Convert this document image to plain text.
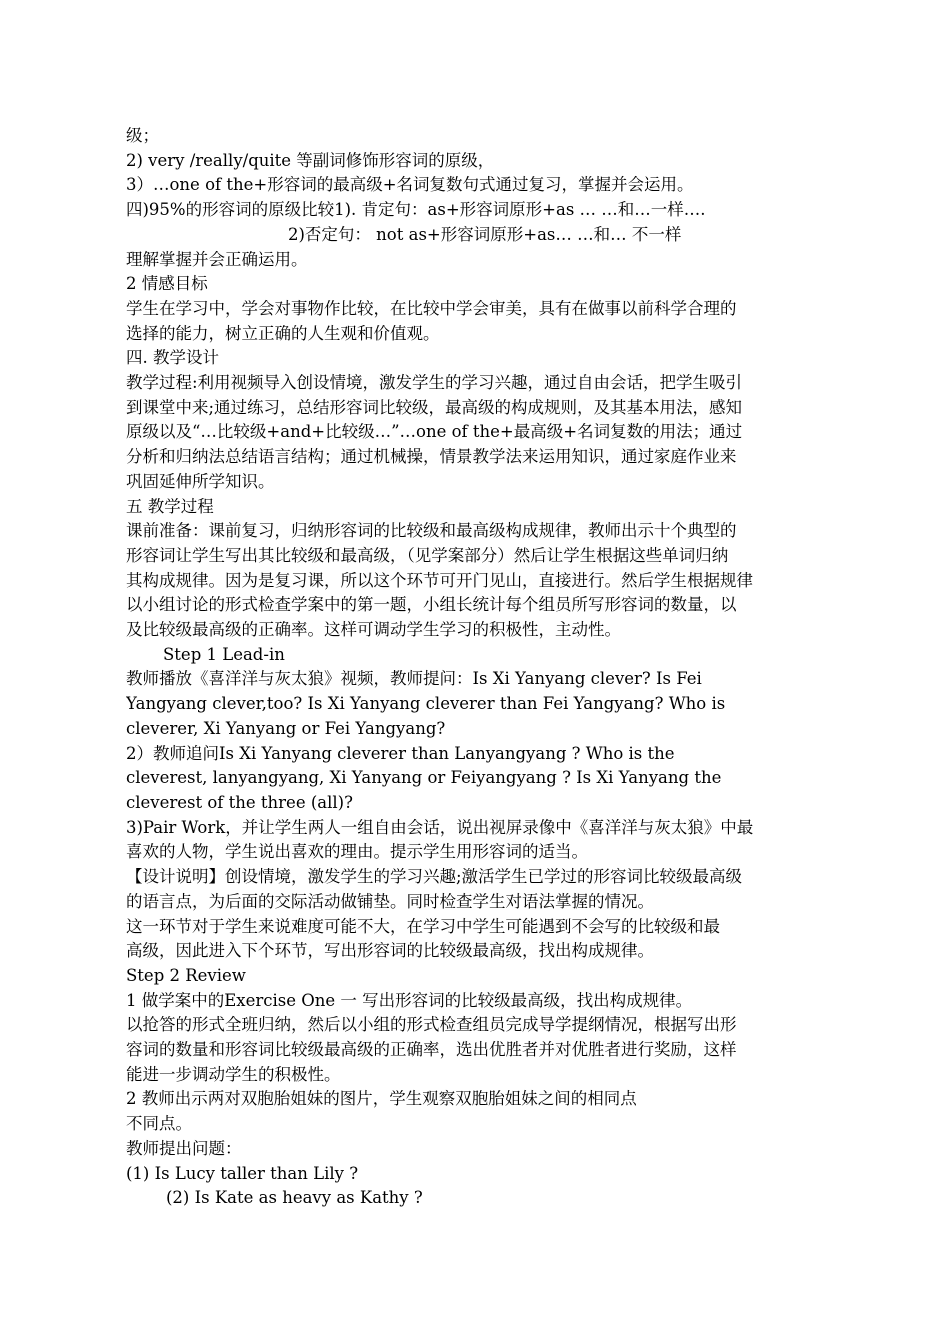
级；
2) very /really/quite 等副词修饰形容词的原级，
3）…one of the+形容词的最高级+名词复数句式通过复习，掌握并会运用。
四)95%的形容词的原级比较1). 肯定句：as+形容词原形+as … …和…一样….
2)否定句： not as+形容词原形+as… …和… 不一样
理解掌握并会正确运用。
2 情感目标
学生在学习中，学会对事物作比较，在比较中学会审美，具有在做事以前科学合理的
选择的能力，树立正确的人生观和价值观。
四. 教学设计
教学过程:利用视频导入创设情境，激发学生的学习兴趣，通过自由会话，把学生吸引
到课堂中来;通过练习，总结形容词比较级，最高级的构成规则，及其基本用法，感知
原级以及“…比较级+and+比较级…”…one of the+最高级+名词复数的用法；通过
分析和归纳法总结语言结构；通过机械操，情景教学法来运用知识，通过家庭作业来
巩固延伸所学知识。
五 教学过程
课前准备：课前复习，归纳形容词的比较级和最高级构成规律，教师出示十个典型的
形容词让学生写出其比较级和最高级，（见学案部分）然后让学生根据这些单词归纳
其构成规律。因为是复习课，所以这个环节可开门见山，直接进行。然后学生根据规律
以小组讨论的形式检查学案中的第一题，小组长统计每个组员所写形容词的数量，以
及比较级最高级的正确率。这样可调动学生学习的积极性，主动性。
Step 1 Lead-in
教师播放《喜洋洋与灰太狼》视频，教师提问：Is Xi Yanyang clever? Is Fei
Yangyang clever,too? Is Xi Yanyang cleverer than Fei Yangyang? Who is
cleverer, Xi Yanyang or Fei Yangyang?
2）教师追问Is Xi Yanyang cleverer than Lanyangyang ? Who is the
cleverest, lanyangyang, Xi Yanyang or Feiyangyang ? Is Xi Yanyang the
cleverest of the three (all)?
3)Pair Work，并让学生两人一组自由会话，说出视屏录像中《喜洋洋与灰太狼》中最
喜欢的人物，学生说出喜欢的理由。提示学生用形容词的适当。
【设计说明】创设情境，激发学生的学习兴趣;激活学生已学过的形容词比较级最高级
的语言点，为后面的交际活动做铺垫。同时检查学生对语法掌握的情况。
这一环节对于学生来说难度可能不大，在学习中学生可能遇到不会写的比较级和最
高级，因此进入下个环节，写出形容词的比较级最高级，找出构成规律。
Step 2 Review
1 做学案中的Exercise One 一 写出形容词的比较级最高级，找出构成规律。
以抢答的形式全班归纳，然后以小组的形式检查组员完成导学提纲情况，根据写出形
容词的数量和形容词比较级最高级的正确率，选出优胜者并对优胜者进行奖励，这样
能进一步调动学生的积极性。
2 教师出示两对双胞胎姐妹的图片，学生观察双胞胎姐妹之间的相同点
不同点。
教师提出问题：
(1) Is Lucy taller than Lily ?
(2) Is Kate as heavy as Kathy ?
